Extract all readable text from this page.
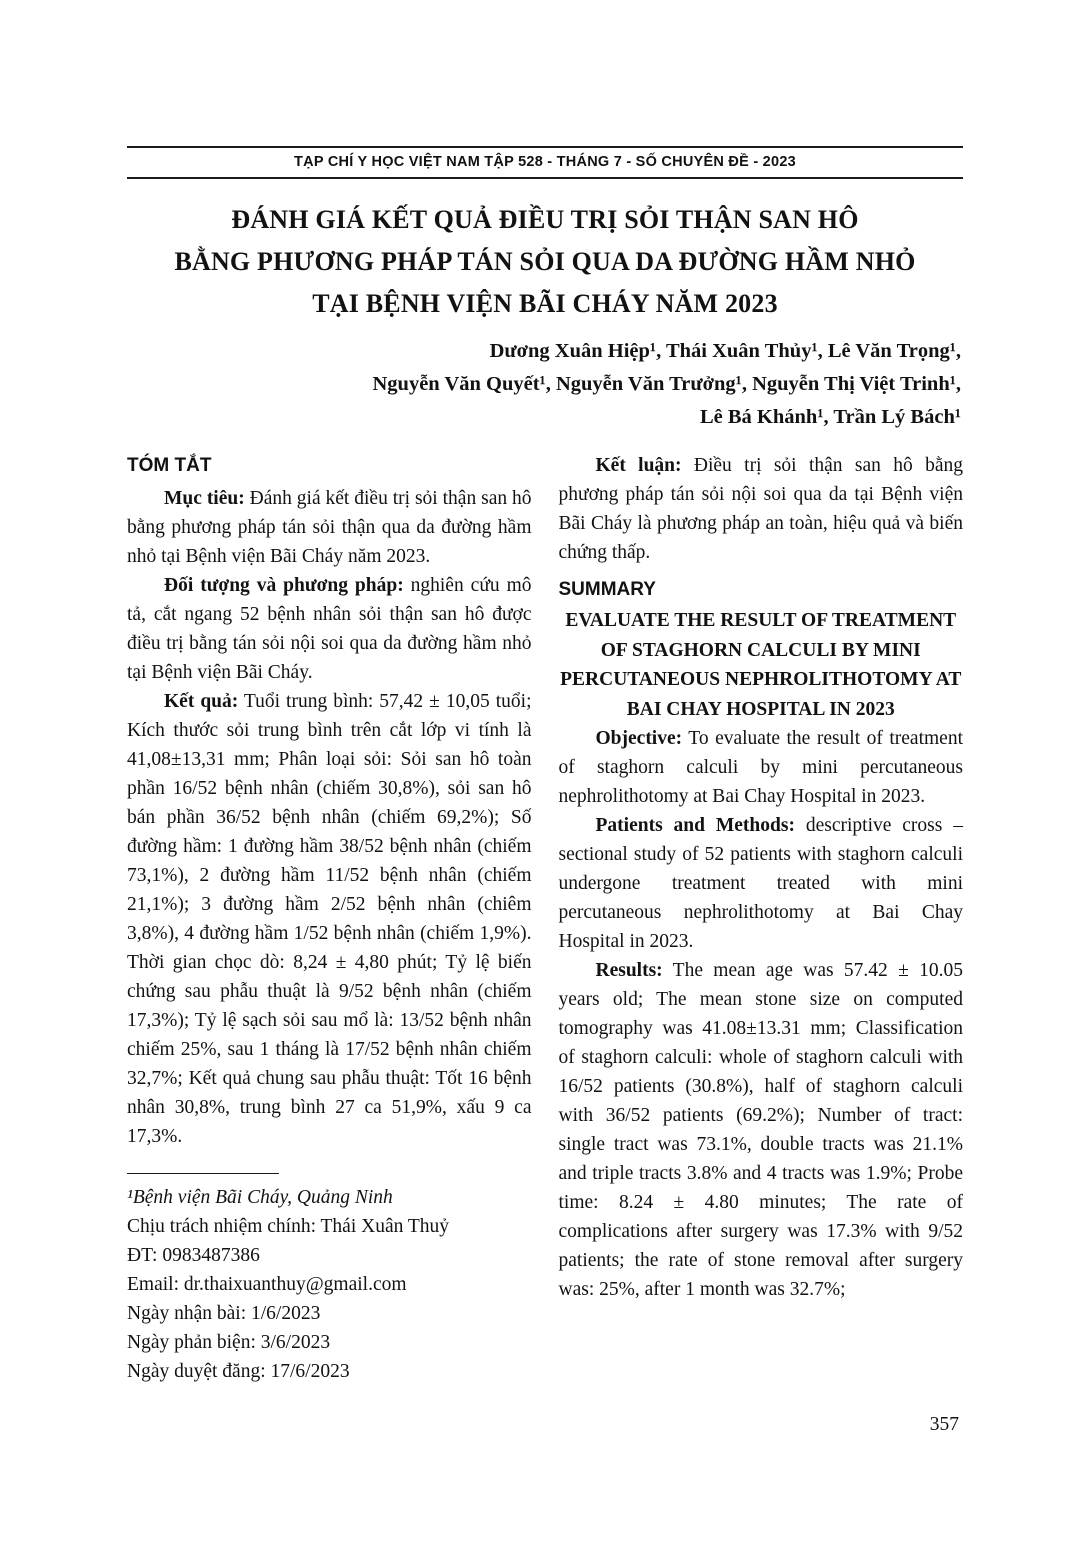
TẠP CHÍ Y HỌC VIỆT NAM TẬP 528 - THÁNG 7 - SỐ CHUYÊN ĐỀ - 2023
ĐÁNH GIÁ KẾT QUẢ ĐIỀU TRỊ SỎI THẬN SAN HÔ
BẰNG PHƯƠNG PHÁP TÁN SỎI QUA DA ĐƯỜNG HẦM NHỎ
TẠI BỆNH VIỆN BÃI CHÁY NĂM 2023
Dương Xuân Hiệp¹, Thái Xuân Thủy¹, Lê Văn Trọng¹,
Nguyễn Văn Quyết¹, Nguyễn Văn Trưởng¹, Nguyễn Thị Việt Trinh¹,
Lê Bá Khánh¹, Trần Lý Bách¹
TÓM TẮT

Mục tiêu: Đánh giá kết điều trị sỏi thận san hô bằng phương pháp tán sỏi thận qua da đường hầm nhỏ tại Bệnh viện Bãi Cháy năm 2023.

Đối tượng và phương pháp: nghiên cứu mô tả, cắt ngang 52 bệnh nhân sỏi thận san hô được điều trị bằng tán sỏi nội soi qua da đường hầm nhỏ tại Bệnh viện Bãi Cháy.

Kết quả: Tuổi trung bình: 57,42 ± 10,05 tuổi; Kích thước sỏi trung bình trên cắt lớp vi tính là 41,08±13,31 mm; Phân loại sỏi: Sỏi san hô toàn phần 16/52 bệnh nhân (chiếm 30,8%), sỏi san hô bán phần 36/52 bệnh nhân (chiếm 69,2%); Số đường hầm: 1 đường hầm 38/52 bệnh nhân (chiếm 73,1%), 2 đường hầm 11/52 bệnh nhân (chiếm 21,1%); 3 đường hầm 2/52 bệnh nhân (chiêm 3,8%), 4 đường hầm 1/52 bệnh nhân (chiếm 1,9%). Thời gian chọc dò: 8,24 ± 4,80 phút; Tỷ lệ biến chứng sau phẫu thuật là 9/52 bệnh nhân (chiếm 17,3%); Tỷ lệ sạch sỏi sau mổ là: 13/52 bệnh nhân chiếm 25%, sau 1 tháng là 17/52 bệnh nhân chiếm 32,7%; Kết quả chung sau phẫu thuật: Tốt 16 bệnh nhân 30,8%, trung bình 27 ca 51,9%, xấu 9 ca 17,3%.

¹Bệnh viện Bãi Cháy, Quảng Ninh
Chịu trách nhiệm chính: Thái Xuân Thuỷ
ĐT: 0983487386
Email: dr.thaixuanthuy@gmail.com
Ngày nhận bài: 1/6/2023
Ngày phản biện: 3/6/2023
Ngày duyệt đăng: 17/6/2023

Kết luận: Điều trị sỏi thận san hô bằng phương pháp tán sỏi nội soi qua da tại Bệnh viện Bãi Cháy là phương pháp an toàn, hiệu quả và biến chứng thấp.

SUMMARY

EVALUATE THE RESULT OF TREATMENT OF STAGHORN CALCULI BY MINI PERCUTANEOUS NEPHROLITHOTOMY AT BAI CHAY HOSPITAL IN 2023

Objective: To evaluate the result of treatment of staghorn calculi by mini percutaneous nephrolithotomy at Bai Chay Hospital in 2023.

Patients and Methods: descriptive cross – sectional study of 52 patients with staghorn calculi undergone treatment treated with mini percutaneous nephrolithotomy at Bai Chay Hospital in 2023.

Results: The mean age was 57.42 ± 10.05 years old; The mean stone size on computed tomography was 41.08±13.31 mm; Classification of staghorn calculi: whole of staghorn calculi with 16/52 patients (30.8%), half of staghorn calculi with 36/52 patients (69.2%); Number of tract: single tract was 73.1%, double tracts was 21.1% and triple tracts 3.8% and 4 tracts was 1.9%; Probe time: 8.24 ± 4.80 minutes; The rate of complications after surgery was 17.3% with 9/52 patients; the rate of stone removal after surgery was: 25%, after 1 month was 32.7%;

357
